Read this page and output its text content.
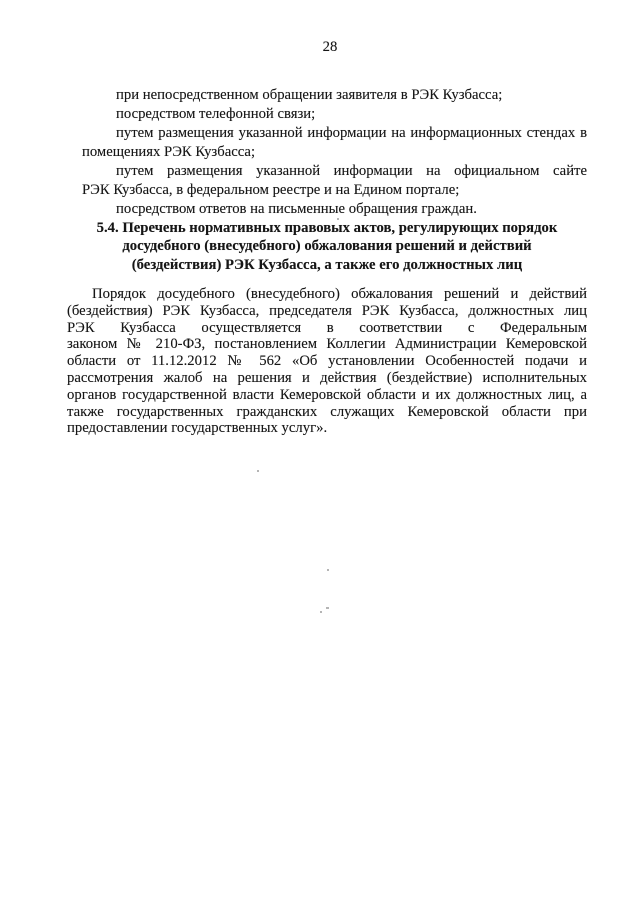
28
при непосредственном обращении заявителя в РЭК Кузбасса;
посредством телефонной связи;
путем размещения указанной информации на информационных стендах в
помещениях РЭК Кузбасса;
путем размещения указанной информации на официальном сайте
РЭК Кузбасса, в федеральном реестре и на Едином портале;
посредством ответов на письменные обращения граждан.
5.4. Перечень нормативных правовых актов, регулирующих порядок
досудебного (внесудебного) обжалования решений и действий
(бездействия) РЭК Кузбасса, а также его должностных лиц
Порядок досудебного (внесудебного) обжалования решений и действий
(бездействия) РЭК Кузбасса, председателя РЭК Кузбасса, должностных лиц
РЭК Кузбасса осуществляется в соответствии с Федеральным
законом № 210-ФЗ, постановлением Коллегии Администрации Кемеровской
области от 11.12.2012 № 562 «Об установлении Особенностей подачи и
рассмотрения жалоб на решения и действия (бездействие) исполнительных
органов государственной власти Кемеровской области и их должностных лиц, а
также государственных гражданских служащих Кемеровской области при
предоставлении государственных услуг».
